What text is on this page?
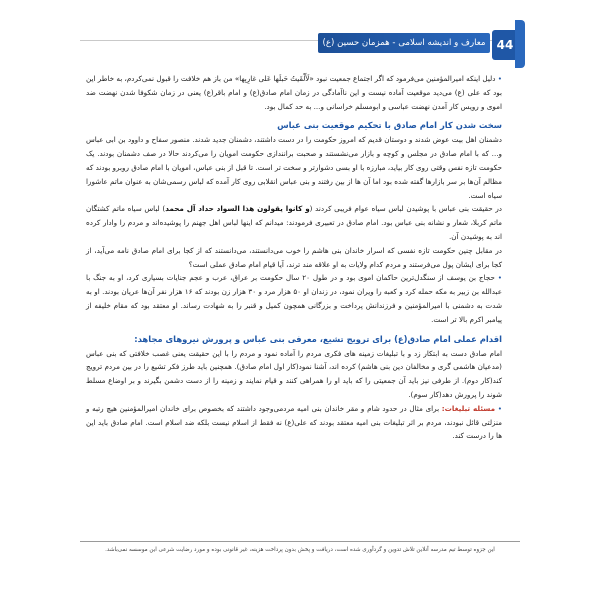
معارف و اندیشه اسلامی - همزمان حسین (ع) 44

• دلیل اینکه امیرالمؤمنین می‌فرمود که اگر اجتماع جمعیت نبود «لَأَلْقَیتُ حَبلَها عَلی غارِبِها» من باز هم خلافت را قبول نمی‌کردم، به خاطر این بود که علی (ع) می‌دید موقعیت آماده نیست و این ناآمادگی در زمان امام صادق(ع) و امام باقر(ع) یعنی در زمان شکوفا شدن نهضت ضد اموی و رویس کار آمدن نهضت عباسی و ابومسلم خراسانی و... به حد کمال بود.

سخت شدن کار امام صادق با تحکیم موقعیت بنی عباس

دشمنان اهل بیت عوض شدند و دوستان قدیم که امروز حکومت را در دست داشتند، دشمنان جدید شدند. منصور سفاح و داوود بن ابی عباس و... که با امام صادق در مجلس و کوچه و بازار می‌نشستند و صحبت برانندازی حکومت امویان را می‌کردند حالا در صف دشمنان بودند. یک حکومت تازه نفس وقتی روی کار بیاید، مبارزه با او بسی دشوارتر و سخت تر است. تا قبل از بنی عباس، امویان با امام صادق روبرو بودند که مظالم آن‌ها بر سر بازارها گفته شده بود اما آن ها از بین رفتند و بنی عباس انقلابی روی کار آمده که لباس رسمی‌شان به عنوان ماتم عاشورا سیاه است.

در حقیقت بنی عباس با پوشیدن لباس سیاه عوام فریبی کردند (و کانوا یقولون هذا السواد حداد آل محمد) لباس سیاه ماتم کشتگان ماتم کربلا، شعار و نشانه بنی عباس بود. امام صادق در تعبیری فرمودند: میدانم که اینها لباس اهل جهنم را پوشیده‌اند و مردم را وادار کرده اند به پوشیدن آن.

در مقابل چنین حکومت تازه نفسی که اسرار خاندان بنی هاشم را خوب می‌دانستند، می‌دانستند که از کجا برای امام صادق نامه می‌آید، از کجا برای ایشان پول می‌فرستند و مردم کدام ولایات به او علاقه مند ترند، آیا قیام امام صادق عملی است؟

• حجاج بن یوسف از سنگدل‌ترین حاکمان اموی بود و در طول ۲۰ سال حکومت بر عراق، عرب و عجم جنایات بسیاری کرد، او به جنگ با عبدالله بن زبیر به مکه حمله کرد و کعبه را ویران نمود، در زندان او ۵۰ هزار مرد و ۳۰ هزار زن بودند که ۱۶ هزار نفر آن‌ها عریان بودند. او به شدت به دشمنی با امیرالمؤمنین و فرزندانش پرداخت و بزرگانی همچون کمیل و قنبر را به شهادت رساند. او معتقد بود که مقام خلیفه از پیامبر اکرم بالا تر است.

اقدام عملی امام صادق(ع) برای ترویج تشیع، معرفی بنی عباس و پرورش نیروهای مجاهد:

امام صادق دست به ابتکار زد و با تبلیغات زمینه های فکری مردم را آماده نمود و مردم را با این حقیقت یعنی غصب خلافتی که بنی عباس (مدعیان هاشمی گری و مخالفان دین بنی هاشم) کرده اند، آشنا نمود(کار اول امام صادق). همچنین باید طرز فکر تشیع را در بین مردم ترویج کند(کار دوم). از طرفی نیز باید آن جمعیتی را که باید او را همراهی کنند و قیام نمایند و زمینه را از دست دشمن بگیرند و بر اوضاع مسلط شوند را پرورش دهد(کار سوم).

• مسئله تبلیغات: برای مثال در حدود شام و مقر خاندان بنی امیه مردمی‌وجود داشتند که بخصوص برای خاندان امیرالمؤمنین هیچ رتبه و منزلتی قائل نبودند، مردم بر اثر تبلیغات بنی امیه معتقد بودند که علی(ع) نه فقط از اسلام نیست بلکه ضد اسلام است. امام صادق باید این ها را درست کند.

این جزوه توسط تیم مدرسه آنلاین تلاش تدوین و گردآوری شده است، دریافت و پخش بدون پرداخت هزینه، غیر قانونی بوده و مورد رضایت شرعی این موسسه نمی‌باشد.
